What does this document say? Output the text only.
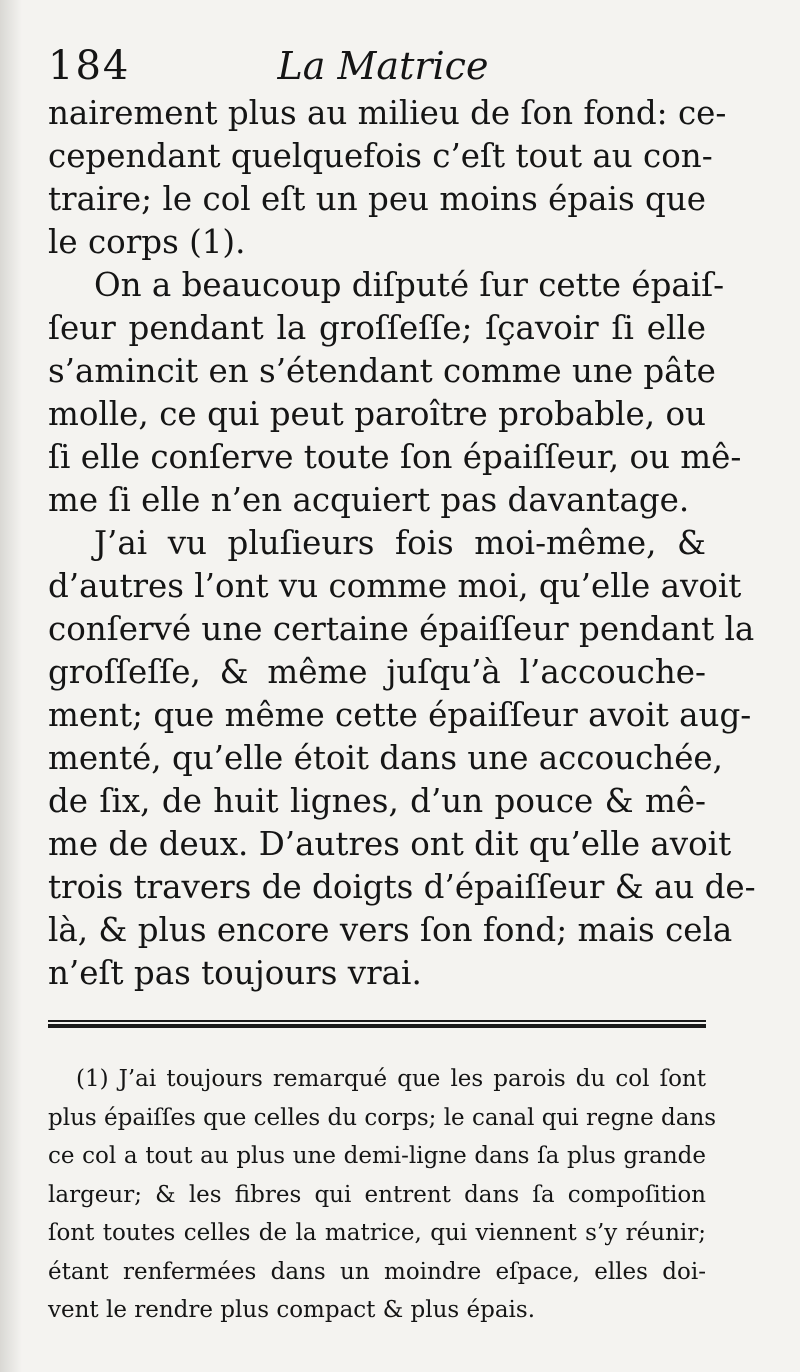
184	La Matrice
nairement plus au milieu de ſon fond: ce-
cependant quelquefois c’eſt tout au con-
traire; le col eſt un peu moins épais que
le corps (1).
On a beaucoup diſputé ſur cette épaiſ-
ſeur pendant la groſſeſſe; ſçavoir ſi elle
s’amincit en s’étendant comme une pâte
molle, ce qui peut paroître probable, ou
ſi elle conſerve toute ſon épaiſſeur, ou mê-
me ſi elle n’en acquiert pas davantage.
J’ai vu pluſieurs fois moi-même, &
d’autres l’ont vu comme moi, qu’elle avoit
conſervé une certaine épaiſſeur pendant la
groſſeſſe, & même juſqu’à l’accouche-
ment; que même cette épaiſſeur avoit aug-
menté, qu’elle étoit dans une accouchée,
de ſix, de huit lignes, d’un pouce & mê-
me de deux. D’autres ont dit qu’elle avoit
trois travers de doigts d’épaiſſeur & au de-
là, & plus encore vers ſon fond; mais cela
n’eſt pas toujours vrai.
(1) J’ai toujours remarqué que les parois du col ſont
plus épaiſſes que celles du corps; le canal qui regne dans
ce col a tout au plus une demi-ligne dans ſa plus grande
largeur; & les fibres qui entrent dans ſa compoſition
ſont toutes celles de la matrice, qui viennent s’y réunir;
étant renfermées dans un moindre eſpace, elles doi-
vent le rendre plus compact & plus épais.
